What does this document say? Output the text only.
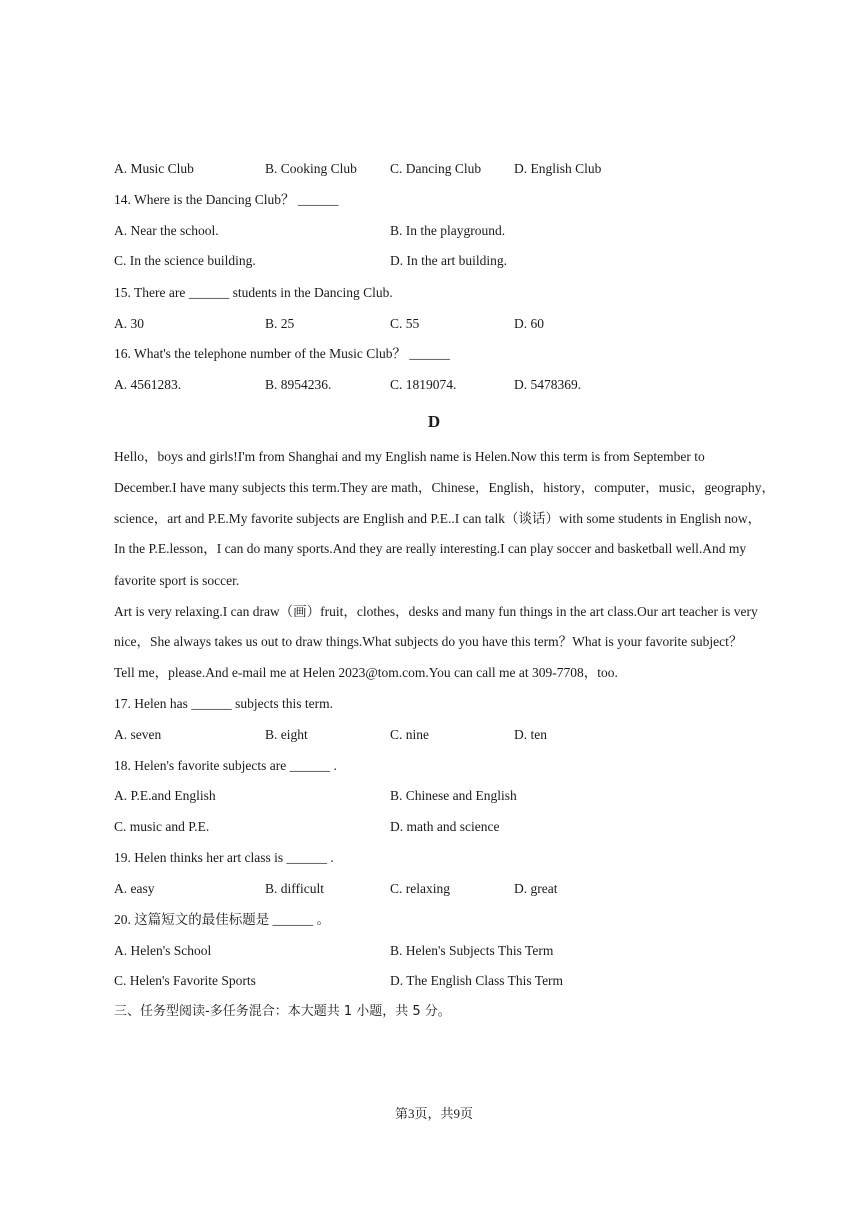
A. Music Club	B. Cooking Club C. Dancing Club D. English Club
14. Where is the Dancing Club？ ______
A. Near the school.	B. In the playground.
C. In the science building.	D. In the art building.
15. There are ______ students in the Dancing Club.
A. 30	B. 25	C. 55	D. 60
16. What's the telephone number of the Music Club？ ______
A. 4561283.	B. 8954236.	C. 1819074.	D. 5478369.
D
Hello，boys and girls!I'm from Shanghai and my English name is Helen.Now this term is from September to
December.I have many subjects this term.They are math，Chinese，English，history，computer，music，geography，
science，art and P.E.My favorite subjects are English and P.E..I can talk（谈话）with some students in English now，
In the P.E.lesson，I can do many sports.And they are really interesting.I can play soccer and basketball well.And my
favorite sport is soccer.
Art is very relaxing.I can draw（画）fruit，clothes，desks and many fun things in the art class.Our art teacher is very
nice，She always takes us out to draw things.What subjects do you have this term？What is your favorite subject？
Tell me，please.And e-mail me at Helen 2023@tom.com.You can call me at 309-7708，too.
17. Helen has ______ subjects this term.
A. seven	B. eight	C. nine	D. ten
18. Helen's favorite subjects are ______ .
A. P.E.and English	B. Chinese and English
C. music and P.E.	D. math and science
19. Helen thinks her art class is ______ .
A. easy	B. difficult	C. relaxing	D. great
20. 这篇短文的最佳标题是 ______ 。
A. Helen's School	B. Helen's Subjects This Term
C. Helen's Favorite Sports	D. The English Class This Term
三、任务型阅读-多任务混合：本大题共 1 小题，共 5 分。
第3页，共9页
